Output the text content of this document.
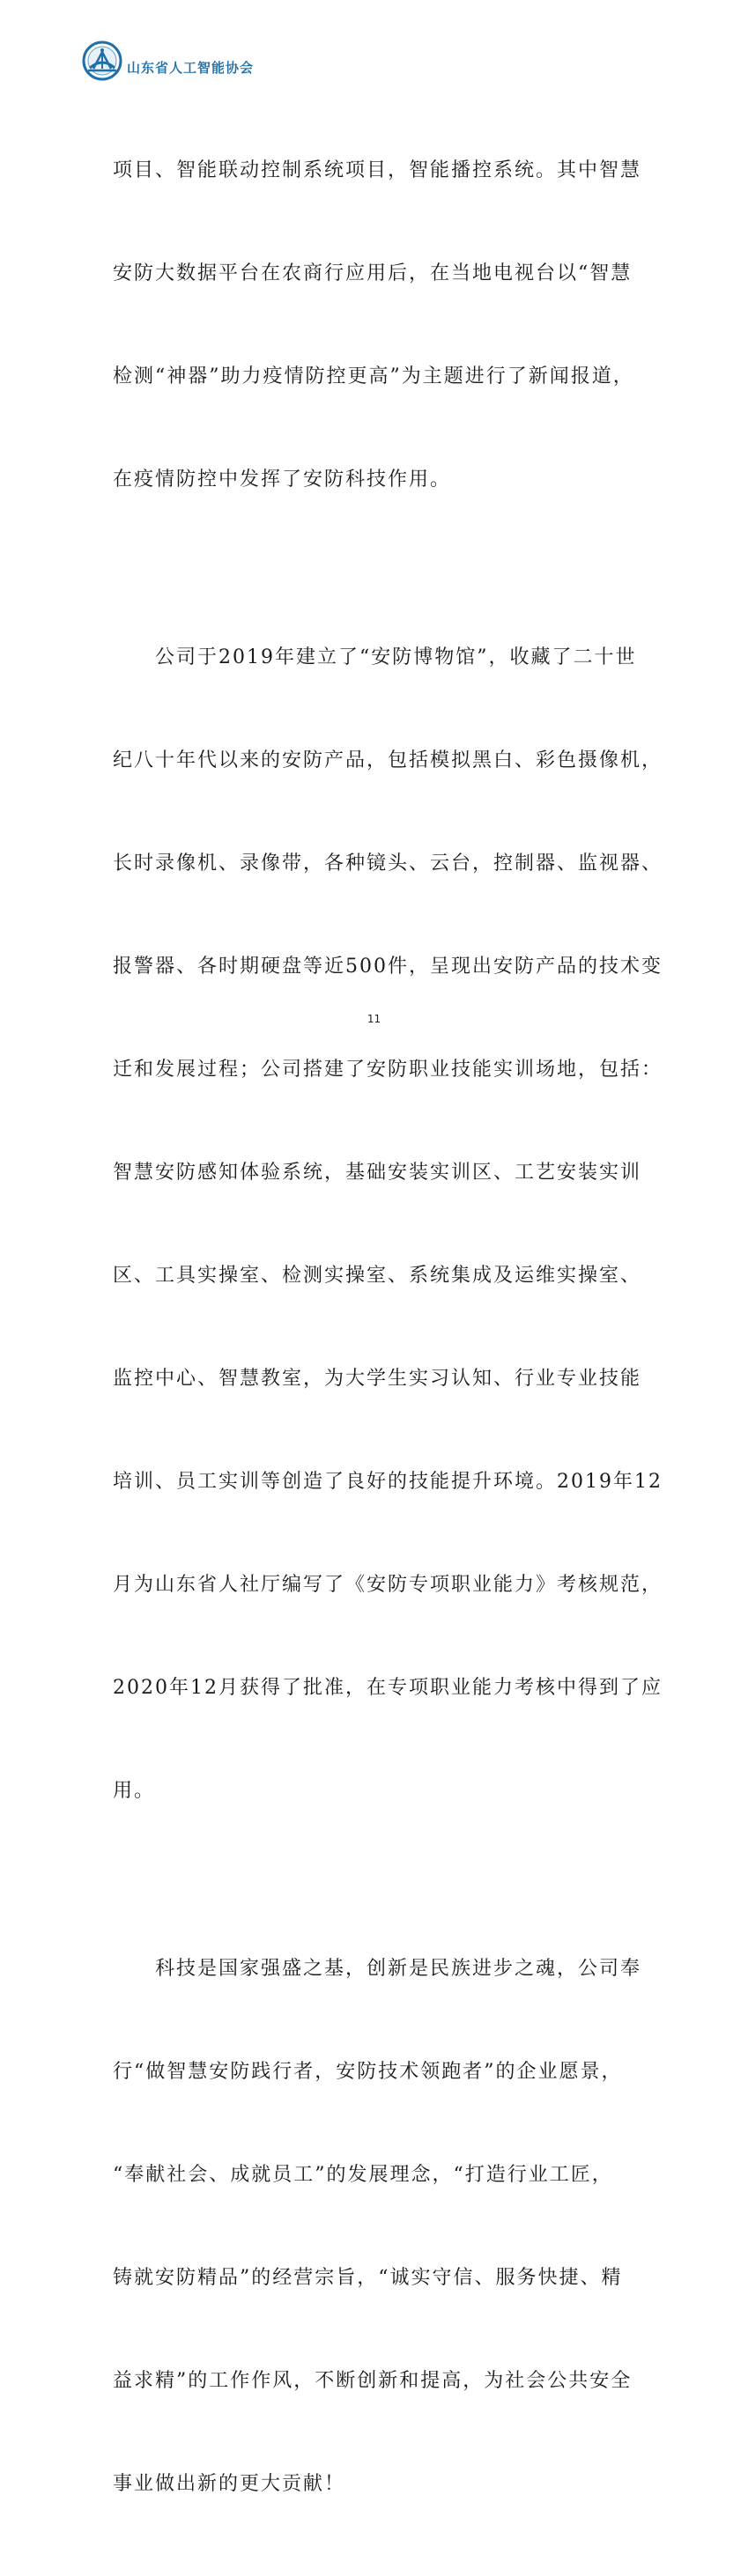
山东省人工智能协会

项目、智能联动控制系统项目，智能播控系统。其中智慧

安防大数据平台在农商行应用后，在当地电视台以“智慧

检测“神器”助力疫情防控更高”为主题进行了新闻报道，

在疫情防控中发挥了安防科技作用。

　　公司于2019年建立了“安防博物馆”，收藏了二十世

纪八十年代以来的安防产品，包括模拟黑白、彩色摄像机，

长时录像机、录像带，各种镜头、云台，控制器、监视器、

报警器、各时期硬盘等近500件，呈现出安防产品的技术变

迁和发展过程；公司搭建了安防职业技能实训场地，包括：

智慧安防感知体验系统，基础安装实训区、工艺安装实训

区、工具实操室、检测实操室、系统集成及运维实操室、

监控中心、智慧教室，为大学生实习认知、行业专业技能

培训、员工实训等创造了良好的技能提升环境。2019年12

月为山东省人社厅编写了《安防专项职业能力》考核规范，

2020年12月获得了批准，在专项职业能力考核中得到了应

用。

　　科技是国家强盛之基，创新是民族进步之魂，公司奉

行“做智慧安防践行者，安防技术领跑者”的企业愿景，

“奉献社会、成就员工”的发展理念，“打造行业工匠，

铸就安防精品”的经营宗旨，“诚实守信、服务快捷、精

益求精”的工作作风，不断创新和提高，为社会公共安全

事业做出新的更大贡献！

11
